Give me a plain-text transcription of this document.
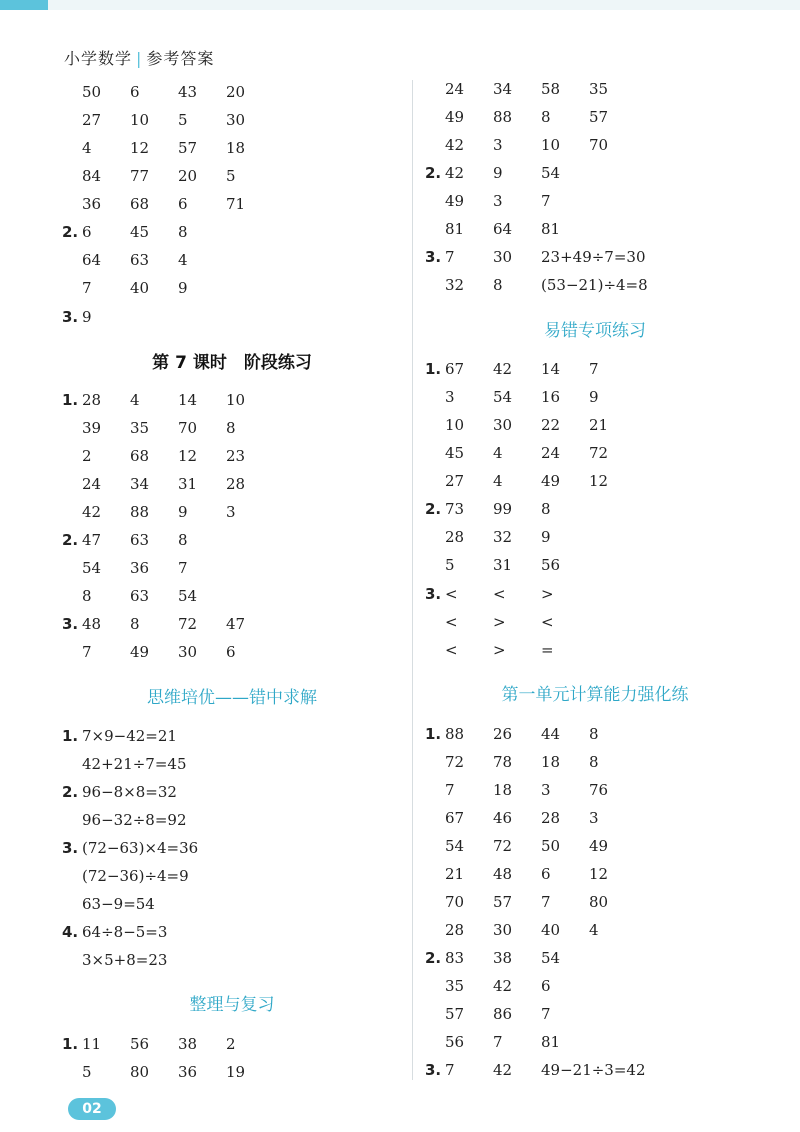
小学数学 | 参考答案
50 6	43 20
27 10 5	30
4	12 57 18
84 77 20 5
36 68 6	71
2. 6	45 8
64 63 4
7	40 9
3. 9
第 7 课时　阶段练习
1. 28 4	14 10
39 35 70 8
2	68 12 23
24 34 31 28
42 88 9	3
2. 47 63 8
54 36 7
8	63 54
3. 48 8	72 47
7	49 30 6
思维培优——错中求解
1. 7×9−42=21
42+21÷7=45
2. 96−8×8=32
96−32÷8=92
3. (72−63)×4=36
(72−36)÷4=9
63−9=54
4. 64÷8−5=3
3×5+8=23
整理与复习
1. 11 56 38 2
5	80 36 19
24 34 58 35
49 88 8	57
42 3	10 70
2. 42 9	54
49 3	7
81 64 81
3. 7	30 23+49÷7=30
32 8	(53−21)÷4=8
易错专项练习
1. 67 42 14 7
3	54 16 9
10 30 22 21
45 4	24 72
27 4	49 12
2. 73 99 8
28 32 9
5	31 56
3. < < >
< > <
< > =
第一单元计算能力强化练
1. 88 26 44 8
72 78 18 8
7	18 3	76
67 46 28 3
54 72 50 49
21 48 6	12
70 57 7	80
28 30 40 4
2. 83 38 54
35 42 6
57 86 7
56 7	81
3. 7	42 49−21÷3=42
02
